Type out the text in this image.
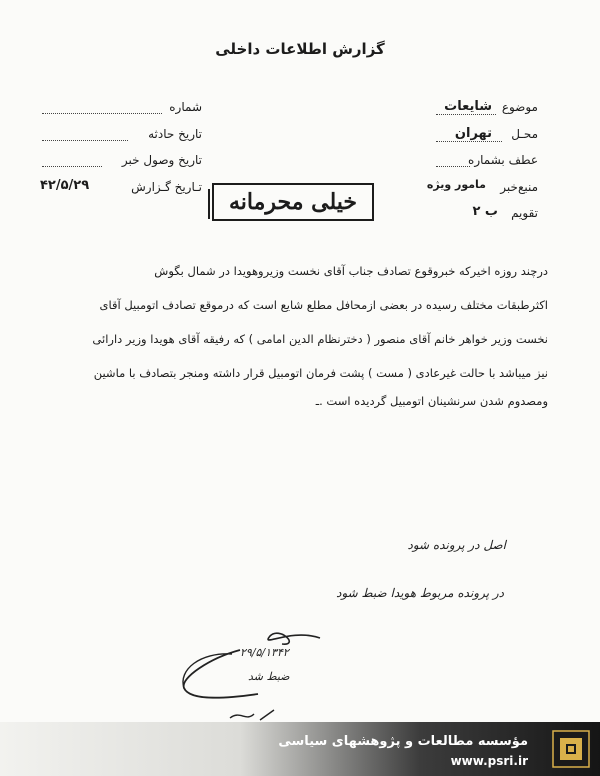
گزارش اطلاعات داخلی
موضوع
شایعات
محـل
تهران
عطف بشماره
منبع‌خبر
مامور ویژه
تقویم
ب ۲
شماره
تاریخ حادثه
تاریخ وصول خبر
تـاریخ گـزارش
۴۲/۵/۲۹
خیلی محرمانه
درچند روزه اخیرکه خبروقوع تصادف جناب آقای نخست وزیروهویدا در شمال بگوش
اکثرطبقات مختلف رسیده در بعضی ازمحافل مطلع شایع است که درموقع تصادف اتومبیل آقای
نخست وزیر خواهر خانم آقای منصور ( دخترنظام الدین امامی ) که رفیقه آقای هویدا وزیر دارائی
نیز میباشد با حالت غیرعادی ( مست ) پشت فرمان اتومبیل قرار داشته ومنجر بتصادف با ماشین
ومصدوم شدن سرنشینان اتومبیل گردیده است .ـ
اصل در پرونده شود
در پرونده مربوط هویدا ضبط شود
۲۹/۵/۱۳۴۲
ضبط شد
مؤسسه مطالعات و پژوهشهای سیاسی
www.psri.ir
